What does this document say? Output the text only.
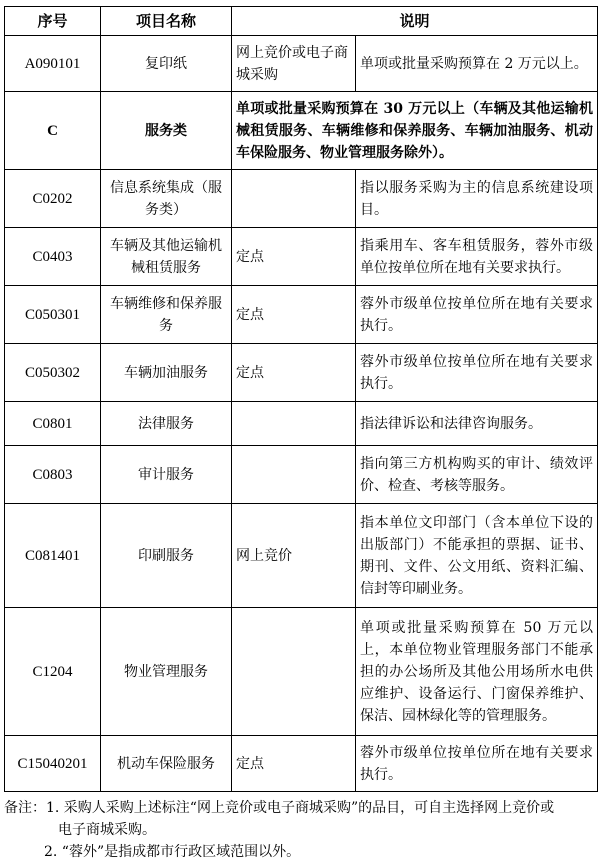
序号	项目名称	说明	
A090101	复印纸	网上竞价或电子商城采购	单项或批量采购预算在 2 万元以上。
C	服务类	单项或批量采购预算在 30 万元以上（车辆及其他运输机械租赁服务、车辆维修和保养服务、车辆加油服务、机动车保险服务、物业管理服务除外）。	
C0202	信息系统集成（服务类）		指以服务采购为主的信息系统建设项目。
C0403	车辆及其他运输机械租赁服务	定点	指乘用车、客车租赁服务，蓉外市级单位按单位所在地有关要求执行。
C050301	车辆维修和保养服务	定点	蓉外市级单位按单位所在地有关要求执行。
C050302	车辆加油服务	定点	蓉外市级单位按单位所在地有关要求执行。
C0801	法律服务		指法律诉讼和法律咨询服务。
C0803	审计服务		指向第三方机构购买的审计、绩效评价、检查、考核等服务。
C081401	印刷服务	网上竞价	指本单位文印部门（含本单位下设的出版部门）不能承担的票据、证书、期刊、文件、公文用纸、资料汇编、信封等印刷业务。
C1204	物业管理服务		单项或批量采购预算在 50 万元以上，本单位物业管理服务部门不能承担的办公场所及其他公用场所水电供应维护、设备运行、门窗保养维护、保洁、园林绿化等的管理服务。
C15040201	机动车保险服务	定点	蓉外市级单位按单位所在地有关要求执行。
备注：1. 采购人采购上述标注“网上竞价或电子商城采购”的品目，可自主选择网上竞价或
电子商城采购。
2. “蓉外”是指成都市行政区域范围以外。
